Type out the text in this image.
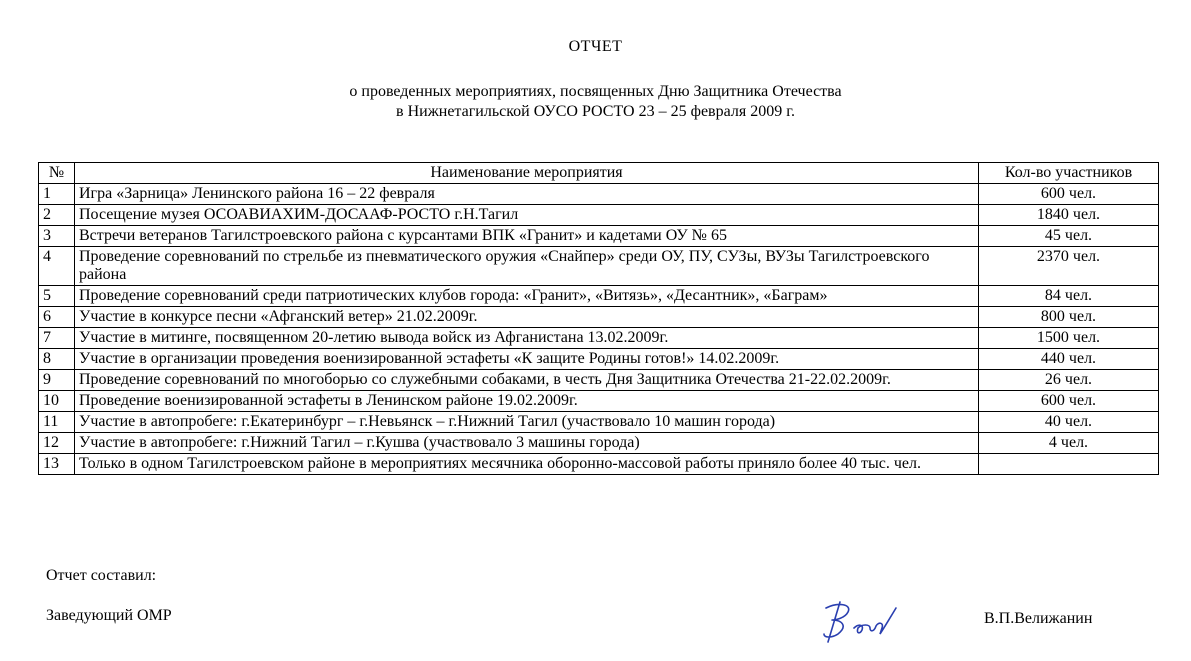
ОТЧЕТ
о проведенных мероприятиях, посвященных Дню Защитника Отечества
в Нижнетагильской ОУСО РОСТО 23 – 25 февраля 2009 г.
№	Наименование мероприятия	Кол-во участников
1	Игра «Зарница» Ленинского района 16 – 22 февраля	600 чел.
2	Посещение музея ОСОАВИАХИМ-ДОСААФ-РОСТО г.Н.Тагил	1840 чел.
3	Встречи ветеранов Тагилстроевского района с курсантами ВПК «Гранит» и кадетами ОУ № 65	45 чел.
4	Проведение соревнований по стрельбе из пневматического оружия «Снайпер» среди ОУ, ПУ, СУЗы, ВУЗы Тагилстроевского района	2370 чел.
5	Проведение соревнований среди патриотических клубов города: «Гранит», «Витязь», «Десантник», «Баграм»	84 чел.
6	Участие в конкурсе песни «Афганский ветер» 21.02.2009г.	800 чел.
7	Участие в митинге, посвященном 20-летию вывода войск из Афганистана 13.02.2009г.	1500 чел.
8	Участие в организации проведения военизированной эстафеты «К защите Родины готов!» 14.02.2009г.	440 чел.
9	Проведение соревнований по многоборью со служебными собаками, в честь Дня Защитника Отечества 21-22.02.2009г.	26 чел.
10	Проведение военизированной эстафеты в Ленинском районе 19.02.2009г.	600 чел.
11	Участие в автопробеге: г.Екатеринбург – г.Невьянск – г.Нижний Тагил (участвовало 10 машин города)	40 чел.
12	Участие в автопробеге: г.Нижний Тагил – г.Кушва (участвовало 3 машины города)	4 чел.
13	Только в одном Тагилстроевском районе в мероприятиях месячника оборонно-массовой работы приняло более 40 тыс. чел.	
Отчет составил:
Заведующий ОМР	В.П.Велижанин
